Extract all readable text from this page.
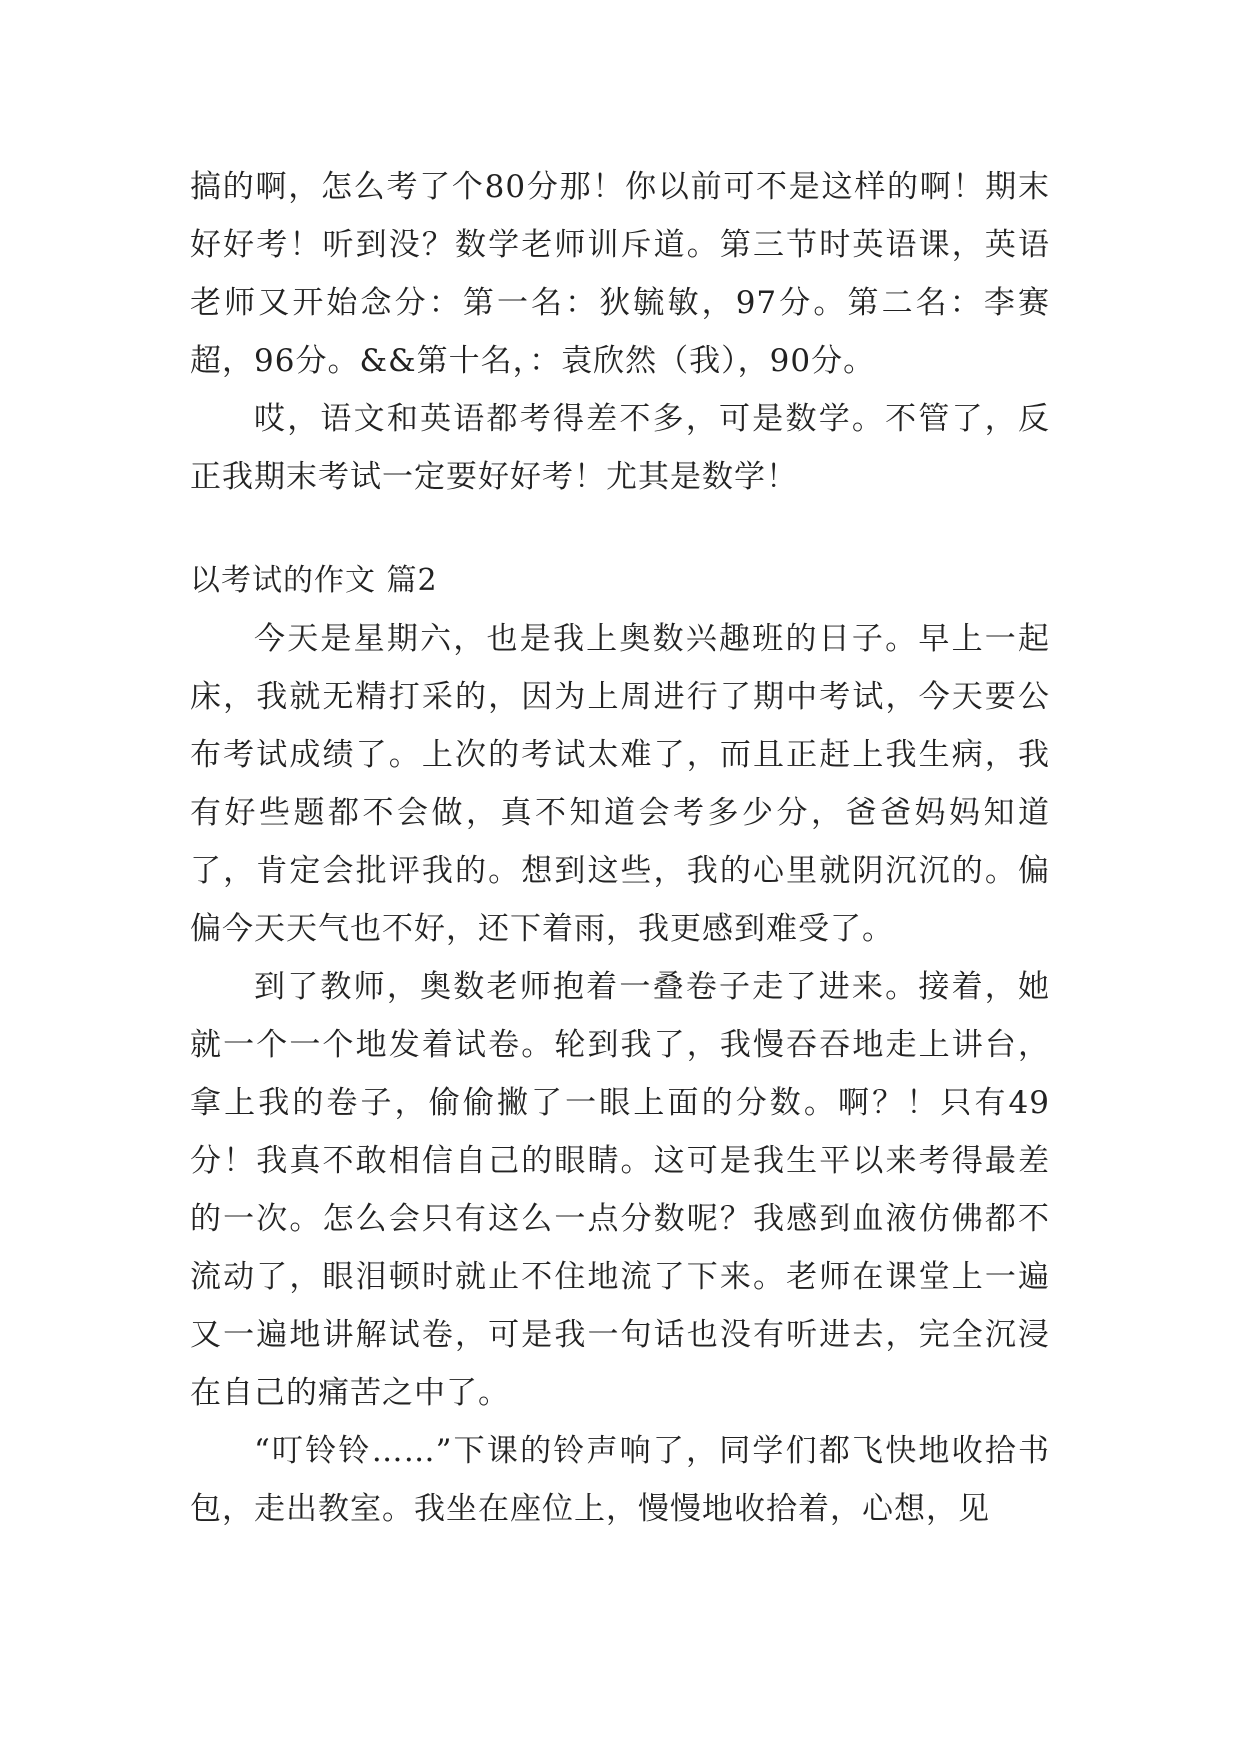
搞的啊，怎么考了个80分那！你以前可不是这样的啊！期末好好考！听到没？数学老师训斥道。第三节时英语课，英语老师又开始念分：第一名：狄毓敏，97分。第二名：李赛超，96分。&&第十名，：袁欣然（我），90分。

哎，语文和英语都考得差不多，可是数学。不管了，反正我期末考试一定要好好考！尤其是数学！

以考试的作文 篇2

今天是星期六，也是我上奥数兴趣班的日子。早上一起床，我就无精打采的，因为上周进行了期中考试，今天要公布考试成绩了。上次的考试太难了，而且正赶上我生病，我有好些题都不会做，真不知道会考多少分，爸爸妈妈知道了，肯定会批评我的。想到这些，我的心里就阴沉沉的。偏偏今天天气也不好，还下着雨，我更感到难受了。

到了教师，奥数老师抱着一叠卷子走了进来。接着，她就一个一个地发着试卷。轮到我了，我慢吞吞地走上讲台，拿上我的卷子，偷偷撇了一眼上面的分数。啊？！只有49分！我真不敢相信自己的眼睛。这可是我生平以来考得最差的一次。怎么会只有这么一点分数呢？我感到血液仿佛都不流动了，眼泪顿时就止不住地流了下来。老师在课堂上一遍又一遍地讲解试卷，可是我一句话也没有听进去，完全沉浸在自己的痛苦之中了。

“叮铃铃……”下课的铃声响了，同学们都飞快地收拾书包，走出教室。我坐在座位上，慢慢地收拾着，心想，见
